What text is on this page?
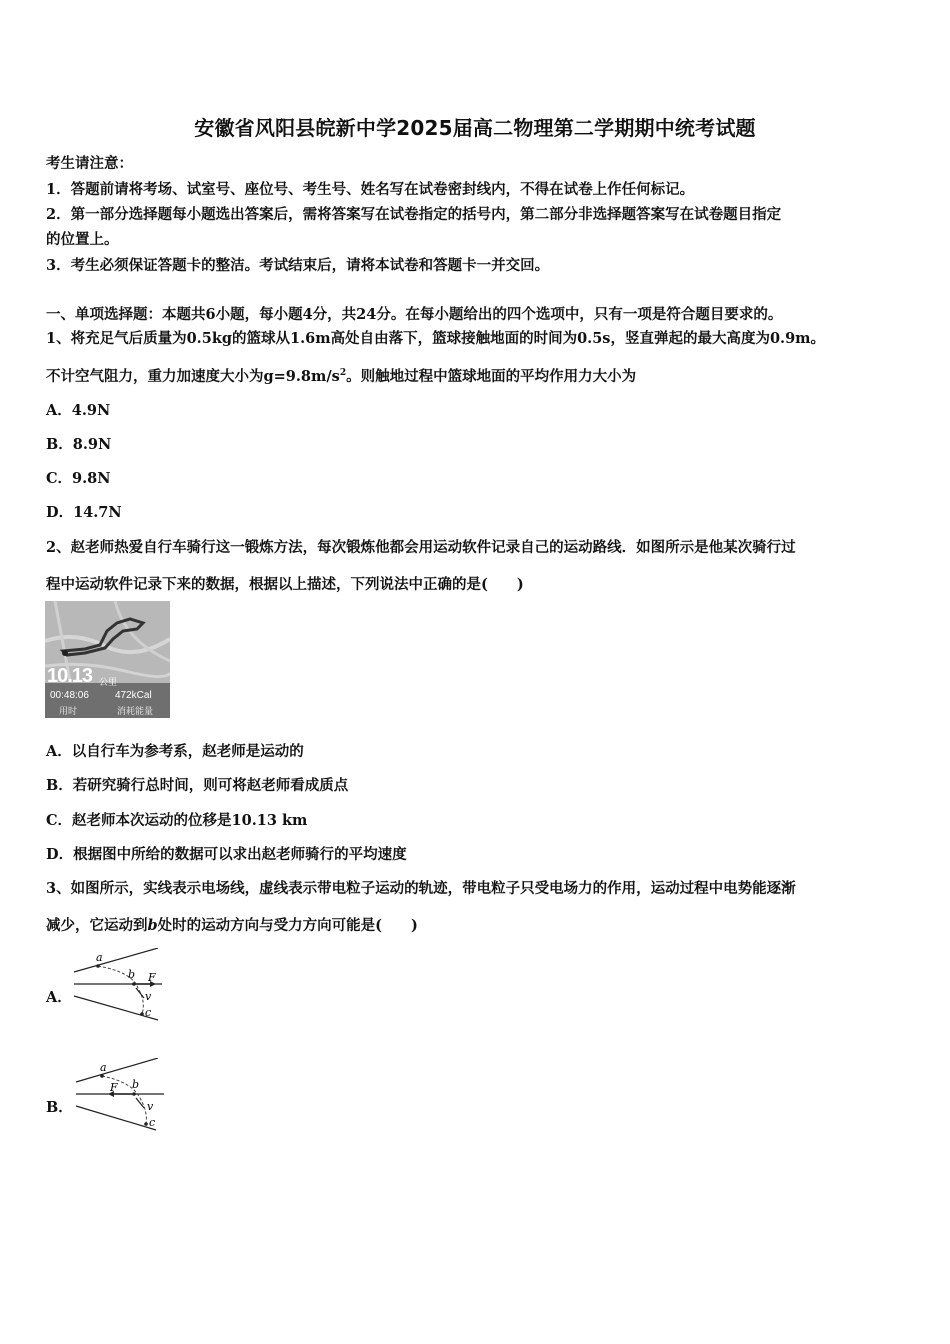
安徽省风阳县皖新中学2025届高二物理第二学期期中统考试题
考生请注意：
1．答题前请将考场、试室号、座位号、考生号、姓名写在试卷密封线内，不得在试卷上作任何标记。
2．第一部分选择题每小题选出答案后，需将答案写在试卷指定的括号内，第二部分非选择题答案写在试卷题目指定
的位置上。
3．考生必须保证答题卡的整洁。考试结束后，请将本试卷和答题卡一并交回。
一、单项选择题：本题共6小题，每小题4分，共24分。在每小题给出的四个选项中，只有一项是符合题目要求的。
1、将充足气后质量为0.5kg的篮球从1.6m高处自由落下，篮球接触地面的时间为0.5s，竖直弹起的最大高度为0.9m。
不计空气阻力，重力加速度大小为$g=9.8m/s^2$。则触地过程中篮球地面的平均作用力大小为
A．4.9N
B．8.9N
C．9.8N
D．14.7N
2、赵老师热爱自行车骑行这一锻炼方法，每次锻炼他都会用运动软件记录自己的运动路线．如图所示是他某次骑行过
程中运动软件记录下来的数据，根据以上描述，下列说法中正确的是(　　)
10.13 公里
00:48:06	472kCal
用时	消耗能量
A．以自行车为参考系，赵老师是运动的
B．若研究骑行总时间，则可将赵老师看成质点
C．赵老师本次运动的位移是10.13 km
D．根据图中所给的数据可以求出赵老师骑行的平均速度
3、如图所示，实线表示电场线，虚线表示带电粒子运动的轨迹，带电粒子只受电场力的作用，运动过程中电势能逐渐
减少，它运动到b处时的运动方向与受力方向可能是(　　)
A．
a
b F
v
c
B．
a
b
F
v
c
